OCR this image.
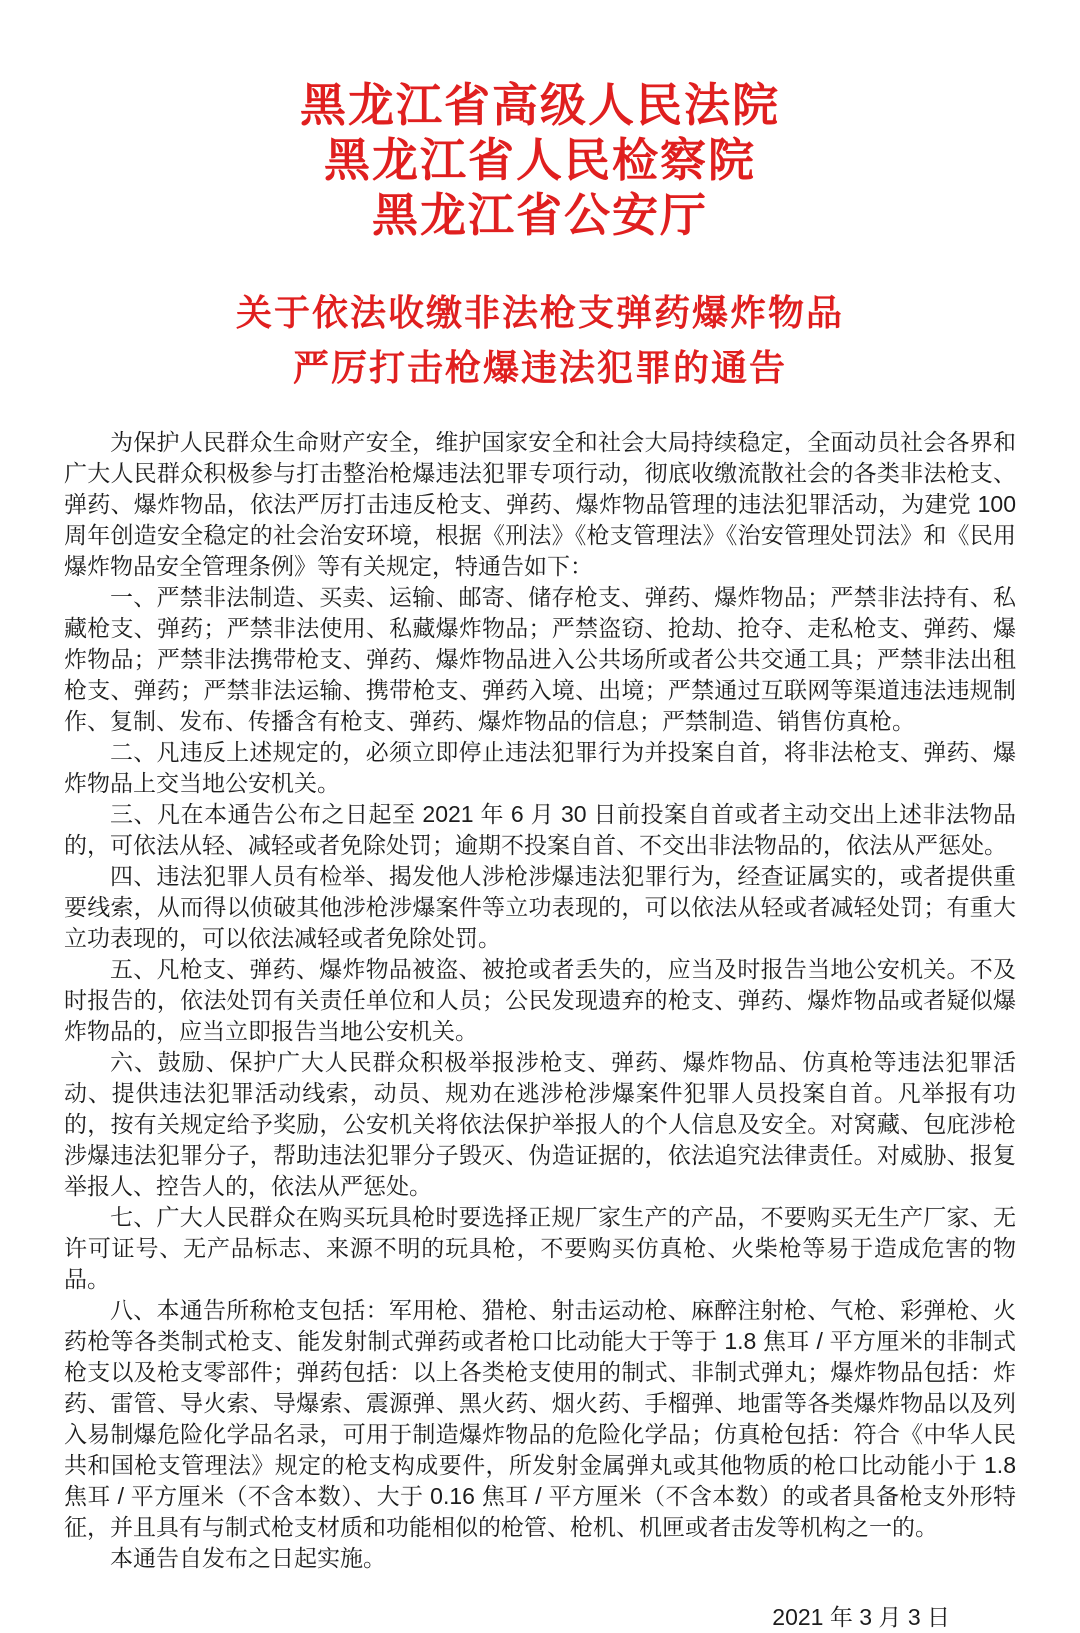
黑龙江省高级人民法院
黑龙江省人民检察院
黑龙江省公安厅
关于依法收缴非法枪支弹药爆炸物品
严厉打击枪爆违法犯罪的通告

为保护人民群众生命财产安全，维护国家安全和社会大局持续稳定，全面动员社会各界和广大人民群众积极参与打击整治枪爆违法犯罪专项行动，彻底收缴流散社会的各类非法枪支、弹药、爆炸物品，依法严厉打击违反枪支、弹药、爆炸物品管理的违法犯罪活动，为建党 100 周年创造安全稳定的社会治安环境，根据《刑法》《枪支管理法》《治安管理处罚法》和《民用爆炸物品安全管理条例》等有关规定，特通告如下：

一、严禁非法制造、买卖、运输、邮寄、储存枪支、弹药、爆炸物品；严禁非法持有、私藏枪支、弹药；严禁非法使用、私藏爆炸物品；严禁盗窃、抢劫、抢夺、走私枪支、弹药、爆炸物品；严禁非法携带枪支、弹药、爆炸物品进入公共场所或者公共交通工具；严禁非法出租枪支、弹药；严禁非法运输、携带枪支、弹药入境、出境；严禁通过互联网等渠道违法违规制作、复制、发布、传播含有枪支、弹药、爆炸物品的信息；严禁制造、销售仿真枪。

二、凡违反上述规定的，必须立即停止违法犯罪行为并投案自首，将非法枪支、弹药、爆炸物品上交当地公安机关。

三、凡在本通告公布之日起至 2021 年 6 月 30 日前投案自首或者主动交出上述非法物品的，可依法从轻、减轻或者免除处罚；逾期不投案自首、不交出非法物品的，依法从严惩处。

四、违法犯罪人员有检举、揭发他人涉枪涉爆违法犯罪行为，经查证属实的，或者提供重要线索，从而得以侦破其他涉枪涉爆案件等立功表现的，可以依法从轻或者减轻处罚；有重大立功表现的，可以依法减轻或者免除处罚。

五、凡枪支、弹药、爆炸物品被盗、被抢或者丢失的，应当及时报告当地公安机关。不及时报告的，依法处罚有关责任单位和人员；公民发现遗弃的枪支、弹药、爆炸物品或者疑似爆炸物品的，应当立即报告当地公安机关。

六、鼓励、保护广大人民群众积极举报涉枪支、弹药、爆炸物品、仿真枪等违法犯罪活动、提供违法犯罪活动线索，动员、规劝在逃涉枪涉爆案件犯罪人员投案自首。凡举报有功的，按有关规定给予奖励，公安机关将依法保护举报人的个人信息及安全。对窝藏、包庇涉枪涉爆违法犯罪分子，帮助违法犯罪分子毁灭、伪造证据的，依法追究法律责任。对威胁、报复举报人、控告人的，依法从严惩处。

七、广大人民群众在购买玩具枪时要选择正规厂家生产的产品，不要购买无生产厂家、无许可证号、无产品标志、来源不明的玩具枪，不要购买仿真枪、火柴枪等易于造成危害的物品。

八、本通告所称枪支包括：军用枪、猎枪、射击运动枪、麻醉注射枪、气枪、彩弹枪、火药枪等各类制式枪支、能发射制式弹药或者枪口比动能大于等于 1.8 焦耳 / 平方厘米的非制式枪支以及枪支零部件；弹药包括：以上各类枪支使用的制式、非制式弹丸；爆炸物品包括：炸药、雷管、导火索、导爆索、震源弹、黑火药、烟火药、手榴弹、地雷等各类爆炸物品以及列入易制爆危险化学品名录，可用于制造爆炸物品的危险化学品；仿真枪包括：符合《中华人民共和国枪支管理法》规定的枪支构成要件，所发射金属弹丸或其他物质的枪口比动能小于 1.8 焦耳 / 平方厘米（不含本数）、大于 0.16 焦耳 / 平方厘米（不含本数）的或者具备枪支外形特征，并且具有与制式枪支材质和功能相似的枪管、枪机、机匣或者击发等机构之一的。

本通告自发布之日起实施。

2021 年 3 月 3 日
